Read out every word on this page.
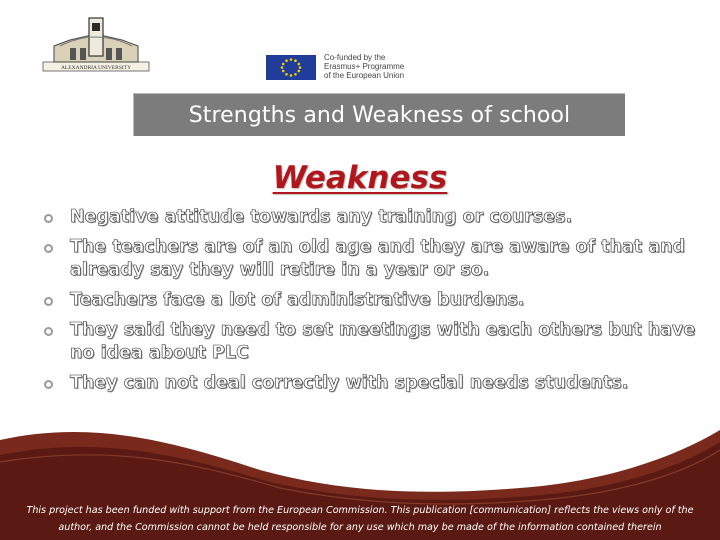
ALEXANDRIA UNIVERSITY
Co-funded by the
Erasmus+ Programme
of the European Union
Strengths and Weakness of school
Weakness
Negative attitude towards any training or courses.
The teachers are of an old age and they are aware of that and already say they will retire in a year or so.
Teachers face a lot of administrative burdens.
They said they need to set meetings with each others but have no idea about PLC
They can not deal correctly with special needs students.
This project has been funded with support from the European Commission. This publication [communication] reflects the views only of the
author, and the Commission cannot be held responsible for any use which may be made of the information contained therein
